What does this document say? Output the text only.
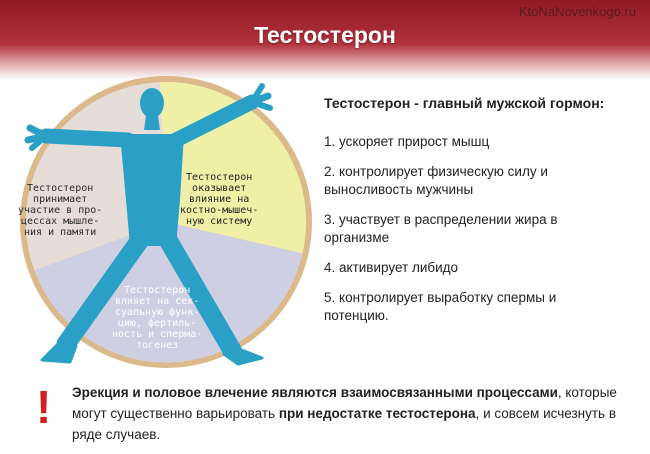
KtoNaNovenkogo.ru
Тестостерон
Тестостерон
принимает
участие в про-
цессах мышле-
ния и памяти
Тестостерон
оказывает
влияние на
костно-мышеч-
ную систему
Тестостерон
влияет на сек-
суальную функ-
цию, фертиль-
ность и сперма-
тогенез
Тестостерон - главный мужской гормон:
1. ускоряет прирост мышц
2. контролирует физическую силу и выносливость мужчины
3. участвует в распределении жира в организме
4. активирует либидо
5. контролирует выработку спермы и потенцию.
! Эрекция и половое влечение являются взаимосвязанными процессами, которые могут существенно варьировать при недостатке тестостерона, и совсем исчезнуть в ряде случаев.
